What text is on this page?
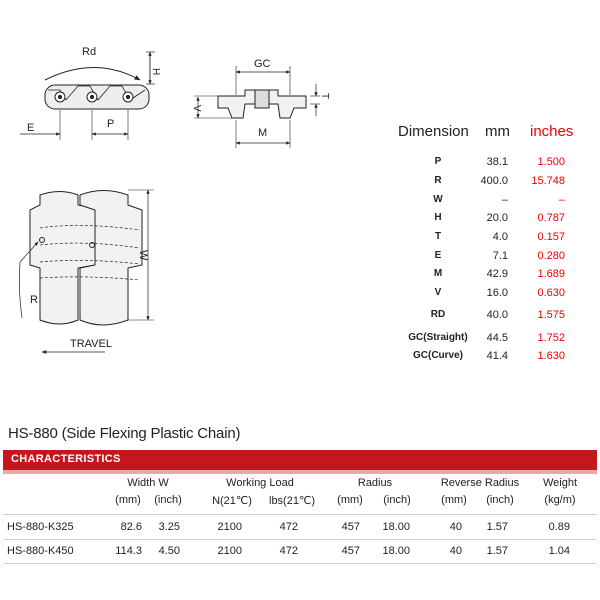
Rd
H
E	P
GC
V
T
M
W
R
TRAVEL
Dimension mm inches
P	38.1	1.500
R	400.0	15.748
W	–	–
H	20.0	0.787
T	4.0	0.157
E	7.1	0.280
M	42.9	1.689
V	16.0	0.630
RD	40.0	1.575
GC(Straight)	44.5	1.752
GC(Curve)	41.4	1.630
HS-880 (Side Flexing Plastic Chain)
CHARACTERISTICS
Width W	Working Load	Radius	Reverse Radius	Weight
(mm)	(inch)	N(21℃)	lbs(21℃)	(mm)	(inch)	(mm)	(inch)	(kg/m)
HS-880-K325	82.6	3.25	2100	472	457	18.00	40	1.57	0.89
HS-880-K450	114.3	4.50	2100	472	457	18.00	40	1.57	1.04
